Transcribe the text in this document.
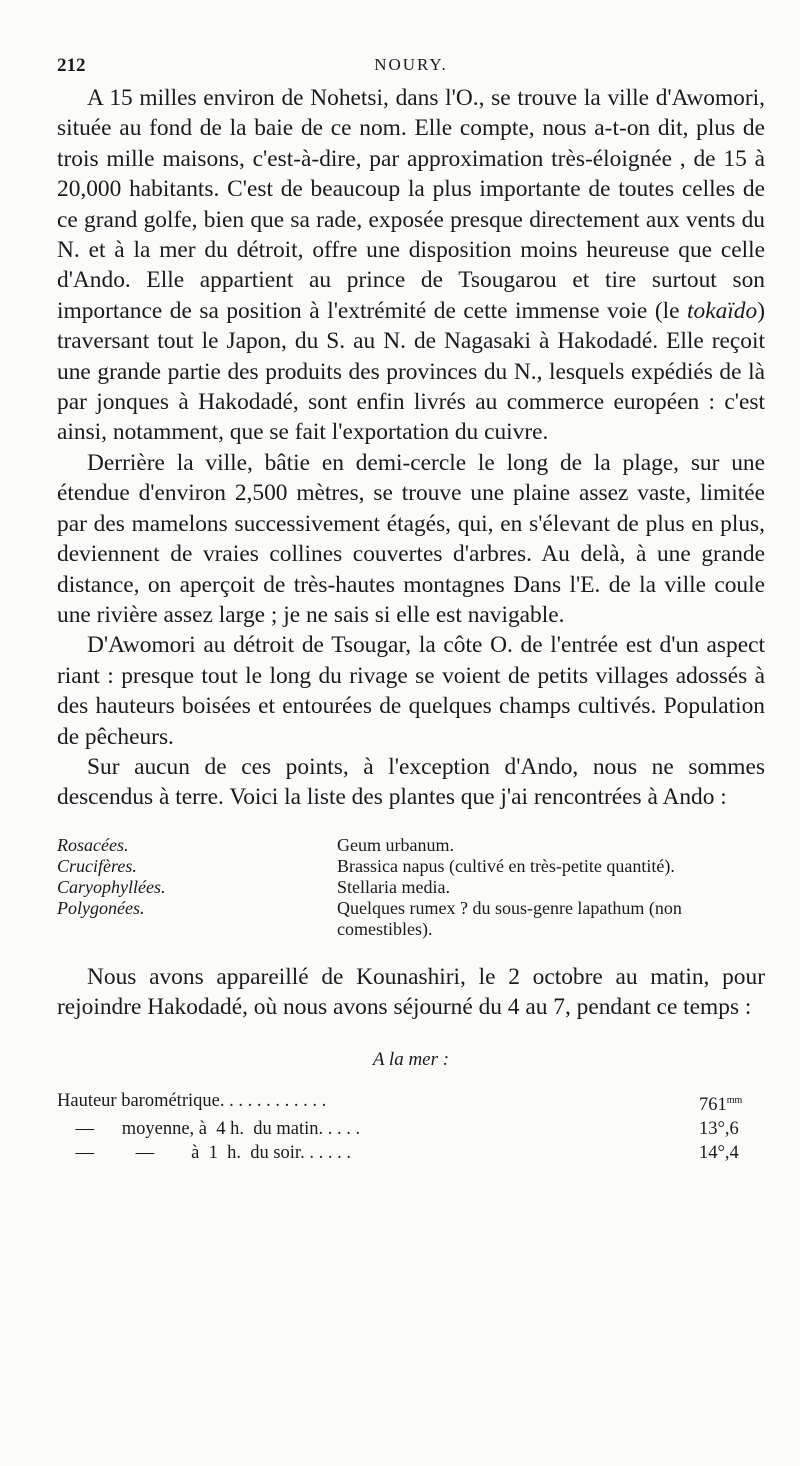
212	NOURY.

A 15 milles environ de Nohetsi, dans l'O., se trouve la ville d'Awomori, située au fond de la baie de ce nom. Elle compte, nous a-t-on dit, plus de trois mille maisons, c'est-à-dire, par approximation très-éloignée , de 15 à 20,000 habitants. C'est de beaucoup la plus importante de toutes celles de ce grand golfe, bien que sa rade, exposée presque directement aux vents du N. et à la mer du détroit, offre une disposition moins heureuse que celle d'Ando. Elle appartient au prince de Tsougarou et tire surtout son importance de sa position à l'extrémité de cette immense voie (le tokaïdo) traversant tout le Japon, du S. au N. de Nagasaki à Hakodadé. Elle reçoit une grande partie des produits des provinces du N., lesquels expédiés de là par jonques à Hakodadé, sont enfin livrés au commerce européen : c'est ainsi, notamment, que se fait l'exportation du cuivre.

Derrière la ville, bâtie en demi-cercle le long de la plage, sur une étendue d'environ 2,500 mètres, se trouve une plaine assez vaste, limitée par des mamelons successivement étagés, qui, en s'élevant de plus en plus, deviennent de vraies collines couvertes d'arbres. Au delà, à une grande distance, on aperçoit de très-hautes montagnes Dans l'E. de la ville coule une rivière assez large ; je ne sais si elle est navigable.

D'Awomori au détroit de Tsougar, la côte O. de l'entrée est d'un aspect riant : presque tout le long du rivage se voient de petits villages adossés à des hauteurs boisées et entourées de quelques champs cultivés. Population de pêcheurs.

Sur aucun de ces points, à l'exception d'Ando, nous ne sommes descendus à terre. Voici la liste des plantes que j'ai rencontrées à Ando :

Rosacées.	Geum urbanum.
Crucifères.	Brassica napus (cultivé en très-petite quantité).
Caryophyllées.	Stellaria media.
Polygonées.	Quelques rumex ? du sous-genre lapathum (non comestibles).

Nous avons appareillé de Kounashiri, le 2 octobre au matin, pour rejoindre Hakodadé, où nous avons séjourné du 4 au 7, pendant ce temps :

A la mer :
Hauteur barométrique. . . . . . . . . . . .	$761^{mm}$
—      moyenne, à  4 h.  du matin. . . . .	13°,6
—         —        à  1  h.  du soir. . . . . .	14°,4
